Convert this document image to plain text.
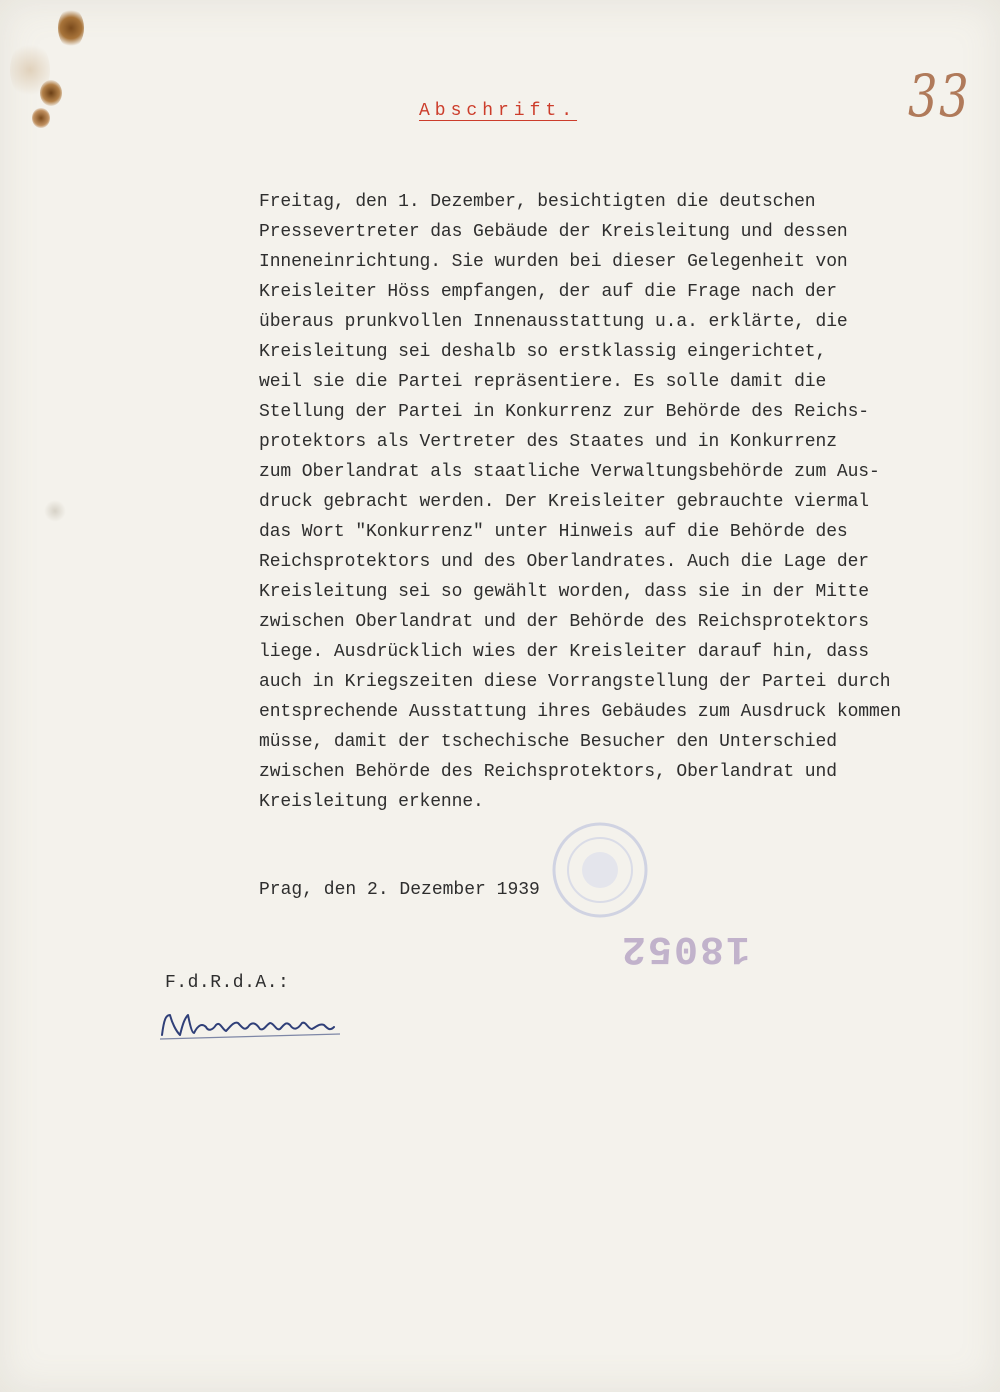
Abschrift.	33
Freitag, den 1. Dezember, besichtigten die deutschen
Pressevertreter das Gebäude der Kreisleitung und dessen
Inneneinrichtung. Sie wurden bei dieser Gelegenheit von
Kreisleiter Höss empfangen, der auf die Frage nach der
überaus prunkvollen Innenausstattung u.a. erklärte, die
Kreisleitung sei deshalb so erstklassig eingerichtet,
weil sie die Partei repräsentiere. Es solle damit die
Stellung der Partei in Konkurrenz zur Behörde des Reichs-
protektors als Vertreter des Staates und in Konkurrenz
zum Oberlandrat als staatliche Verwaltungsbehörde zum Aus-
druck gebracht werden. Der Kreisleiter gebrauchte viermal
das Wort "Konkurrenz" unter Hinweis auf die Behörde des
Reichsprotektors und des Oberlandrates. Auch die Lage der
Kreisleitung sei so gewählt worden, dass sie in der Mitte
zwischen Oberlandrat und der Behörde des Reichsprotektors
liege. Ausdrücklich wies der Kreisleiter darauf hin, dass
auch in Kriegszeiten diese Vorrangstellung der Partei durch
entsprechende Ausstattung ihres Gebäudes zum Ausdruck kommen
müsse, damit der tschechische Besucher den Unterschied
zwischen Behörde des Reichsprotektors, Oberlandrat und
Kreisleitung erkenne.
Prag, den 2. Dezember 1939
18052
F.d.R.d.A.:
